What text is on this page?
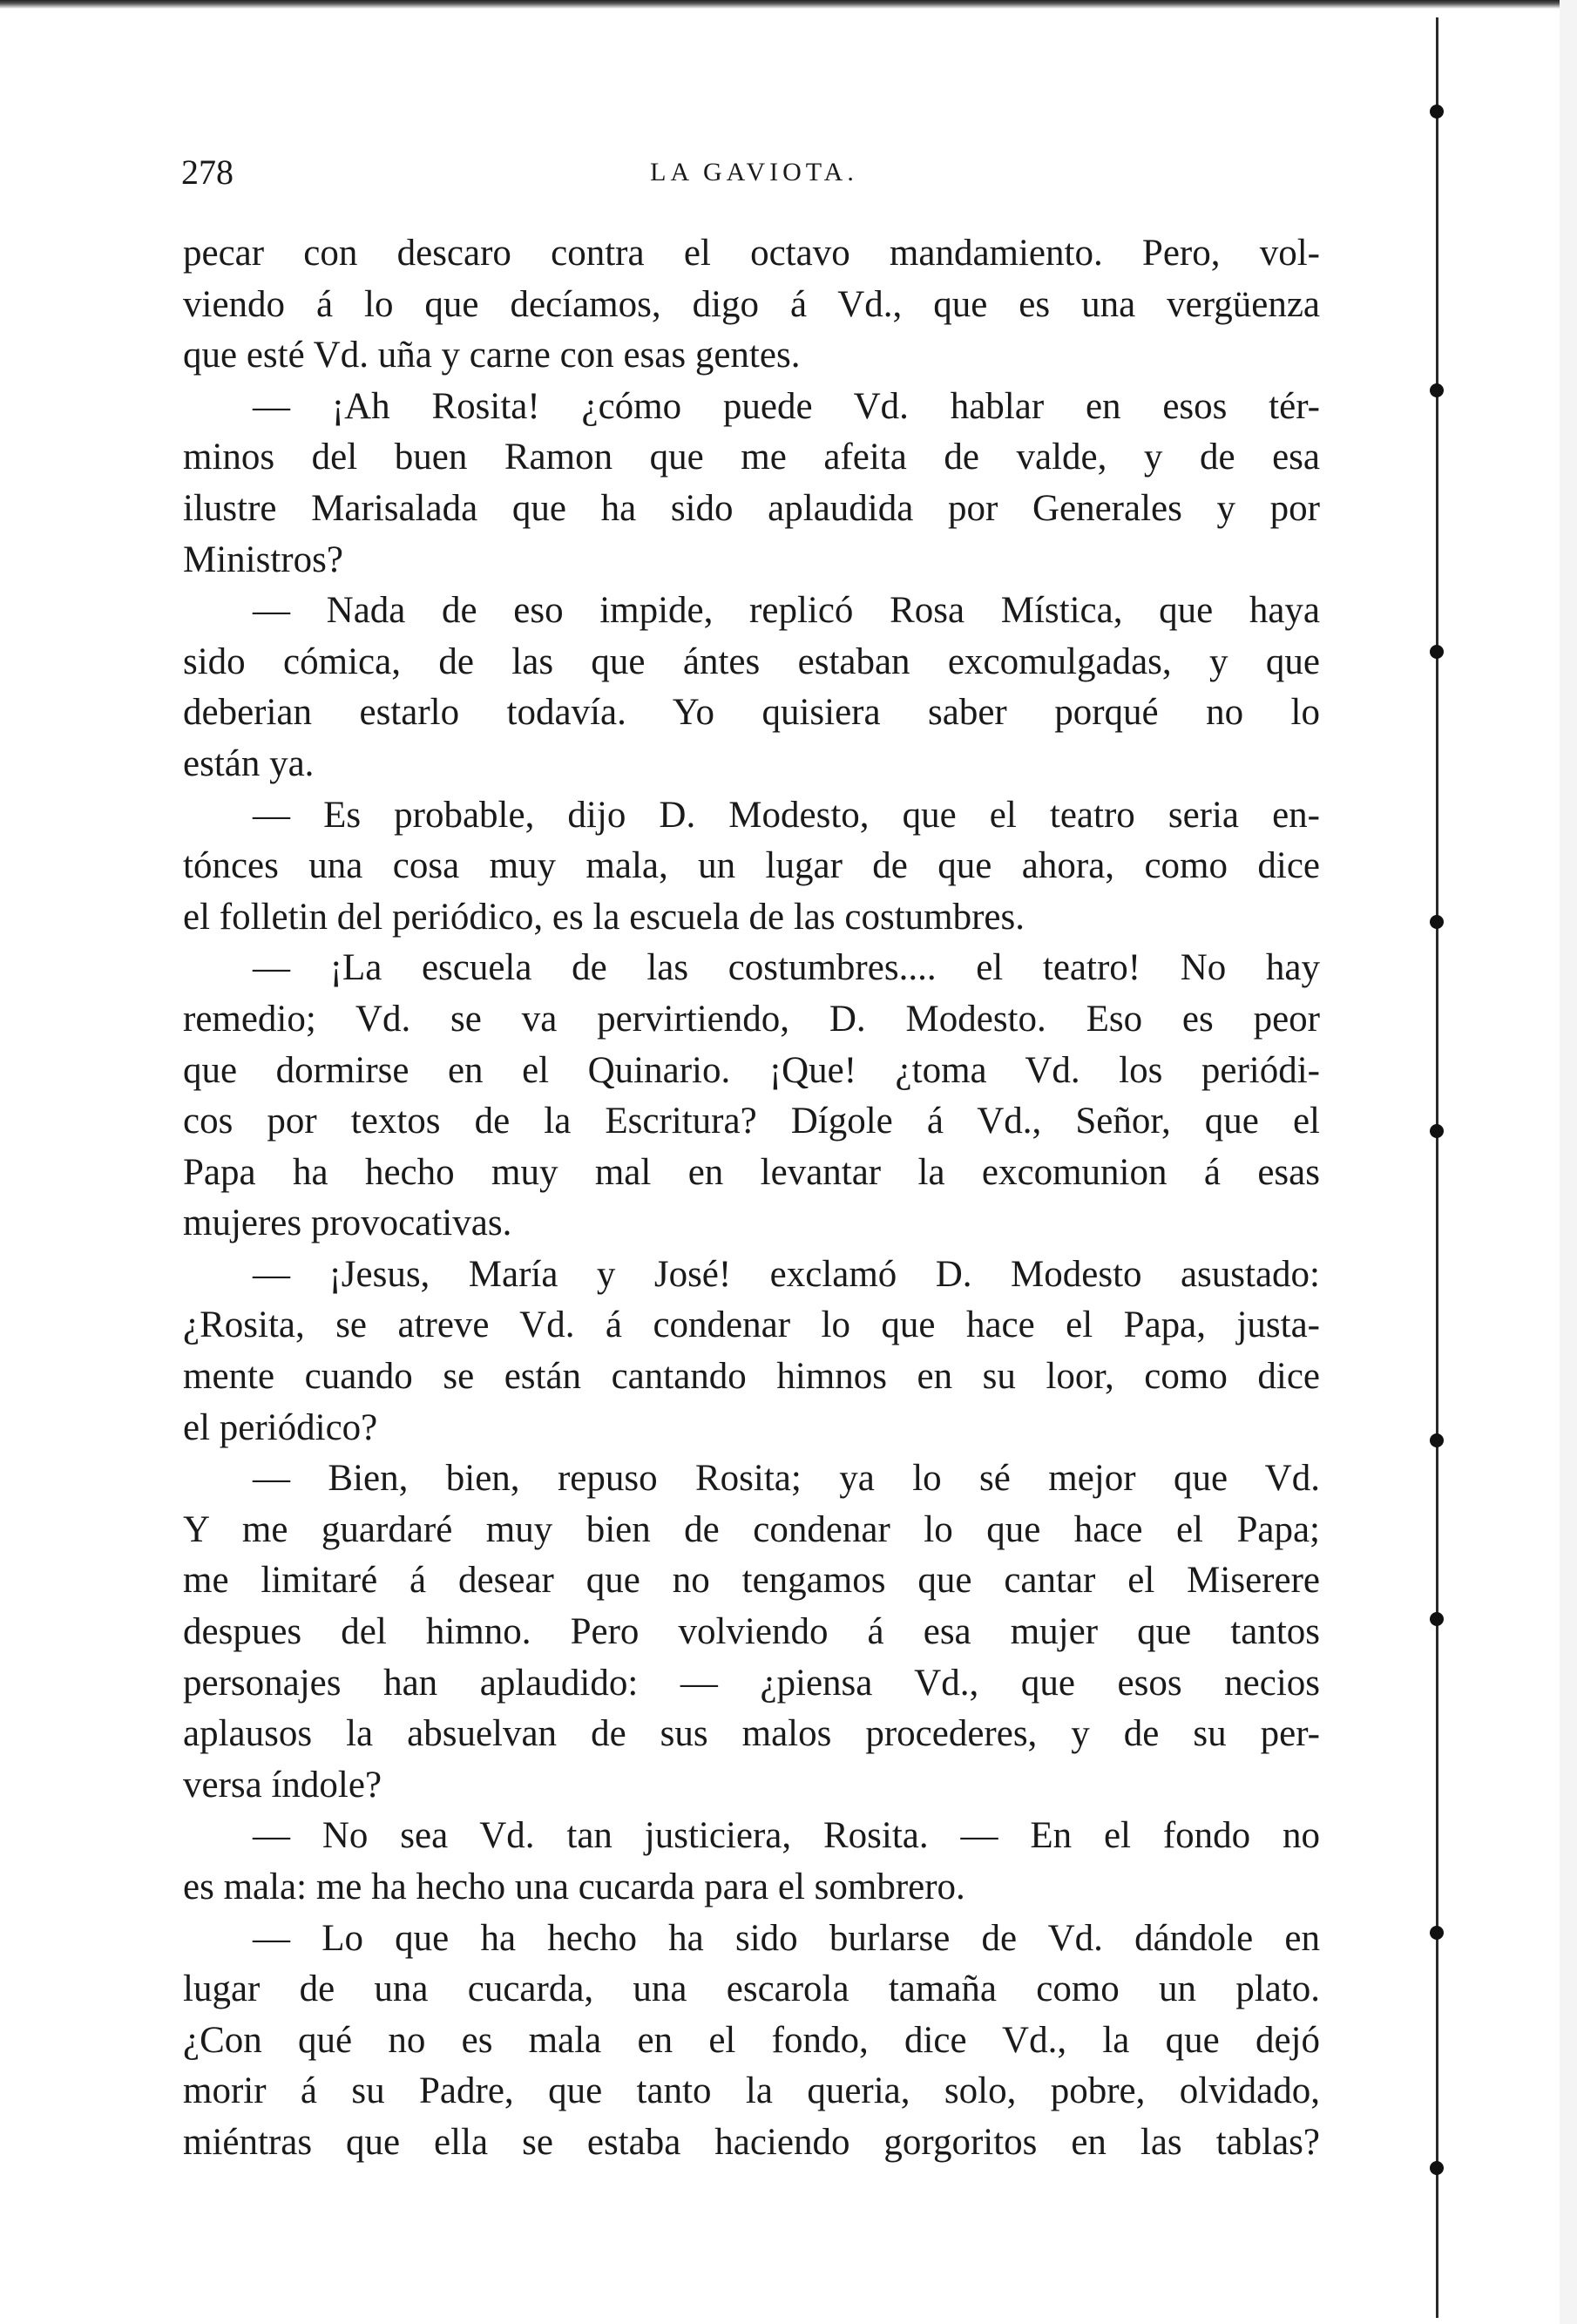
278	LA GAVIOTA.
pecar con descaro contra el octavo mandamiento. Pero, vol-
viendo á lo que decíamos, digo á Vd., que es una vergüenza
que esté Vd. uña y carne con esas gentes.
— ¡Ah Rosita! ¿cómo puede Vd. hablar en esos tér-
minos del buen Ramon que me afeita de valde, y de esa
ilustre Marisalada que ha sido aplaudida por Generales y por
Ministros?
— Nada de eso impide, replicó Rosa Mística, que haya
sido cómica, de las que ántes estaban excomulgadas, y que
deberian estarlo todavía. Yo quisiera saber porqué no lo
están ya.
— Es probable, dijo D. Modesto, que el teatro seria en-
tónces una cosa muy mala, un lugar de que ahora, como dice
el folletin del periódico, es la escuela de las costumbres.
— ¡La escuela de las costumbres.... el teatro! No hay
remedio; Vd. se va pervirtiendo, D. Modesto. Eso es peor
que dormirse en el Quinario. ¡Que! ¿toma Vd. los periódi-
cos por textos de la Escritura? Dígole á Vd., Señor, que el
Papa ha hecho muy mal en levantar la excomunion á esas
mujeres provocativas.
— ¡Jesus, María y José! exclamó D. Modesto asustado:
¿Rosita, se atreve Vd. á condenar lo que hace el Papa, justa-
mente cuando se están cantando himnos en su loor, como dice
el periódico?
— Bien, bien, repuso Rosita; ya lo sé mejor que Vd.
Y me guardaré muy bien de condenar lo que hace el Papa;
me limitaré á desear que no tengamos que cantar el Miserere
despues del himno. Pero volviendo á esa mujer que tantos
personajes han aplaudido: — ¿piensa Vd., que esos necios
aplausos la absuelvan de sus malos procederes, y de su per-
versa índole?
— No sea Vd. tan justiciera, Rosita. — En el fondo no
es mala: me ha hecho una cucarda para el sombrero.
— Lo que ha hecho ha sido burlarse de Vd. dándole en
lugar de una cucarda, una escarola tamaña como un plato.
¿Con qué no es mala en el fondo, dice Vd., la que dejó
morir á su Padre, que tanto la queria, solo, pobre, olvidado,
miéntras que ella se estaba haciendo gorgoritos en las tablas?
